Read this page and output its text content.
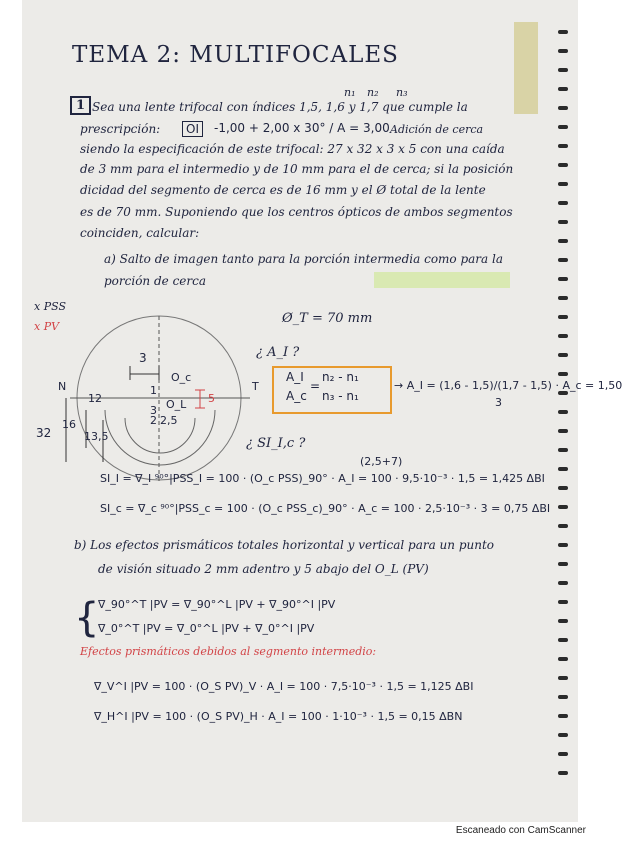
TEMA 2: MULTIFOCALES
n₁ n₂ n₃
1 Sea una lente trifocal con índices 1,5, 1,6 y 1,7 que cumple la
prescripción:	OI	-1,00 + 2,00 x 30° / A = 3,00 Adición de cerca
siendo la especificación de este trifocal: 27 x 32 x 3 x 5 con una caída
de 3 mm para el intermedio y de 10 mm para el de cerca; si la posición
dicidad del segmento de cerca es de 16 mm y el Ø total de la lente
es de 70 mm. Suponiendo que los centros ópticos de ambos segmentos
coinciden, calcular:
a) Salto de imagen tanto para la porción intermedia como para la
porción de cerca
x PSS
x PV
N	T
3
O_c
O_L 5
32
16
13,5
12
1
3
2 2,5
Ø_T = 70 mm
¿ A_I ?
A_I
A_c
=
n₂ - n₁
n₃ - n₁
→ A_I = (1,6 - 1,5)/(1,7 - 1,5) · A_c = 1,50
3
¿ SI_I,c ?
(2,5+7)
SI_I = ∇_I ⁹⁰°|PSS_I = 100 · (O_c PSS)_90° · A_I = 100 · 9,5·10⁻³ · 1,5 = 1,425 ΔBI
SI_c = ∇_c ⁹⁰°|PSS_c = 100 · (O_c PSS_c)_90° · A_c = 100 · 2,5·10⁻³ · 3 = 0,75 ΔBI
b) Los efectos prismáticos totales horizontal y vertical para un punto
de visión situado 2 mm adentro y 5 abajo del O_L (PV)
{
∇_90°^T |PV = ∇_90°^L |PV + ∇_90°^I |PV
∇_0°^T |PV = ∇_0°^L |PV + ∇_0°^I |PV
Efectos prismáticos debidos al segmento intermedio:
∇_V^I |PV = 100 · (O_S PV)_V · A_I = 100 · 7,5·10⁻³ · 1,5 = 1,125 ΔBI
∇_H^I |PV = 100 · (O_S PV)_H · A_I = 100 · 1·10⁻³ · 1,5 = 0,15 ΔBN
Escaneado con CamScanner
